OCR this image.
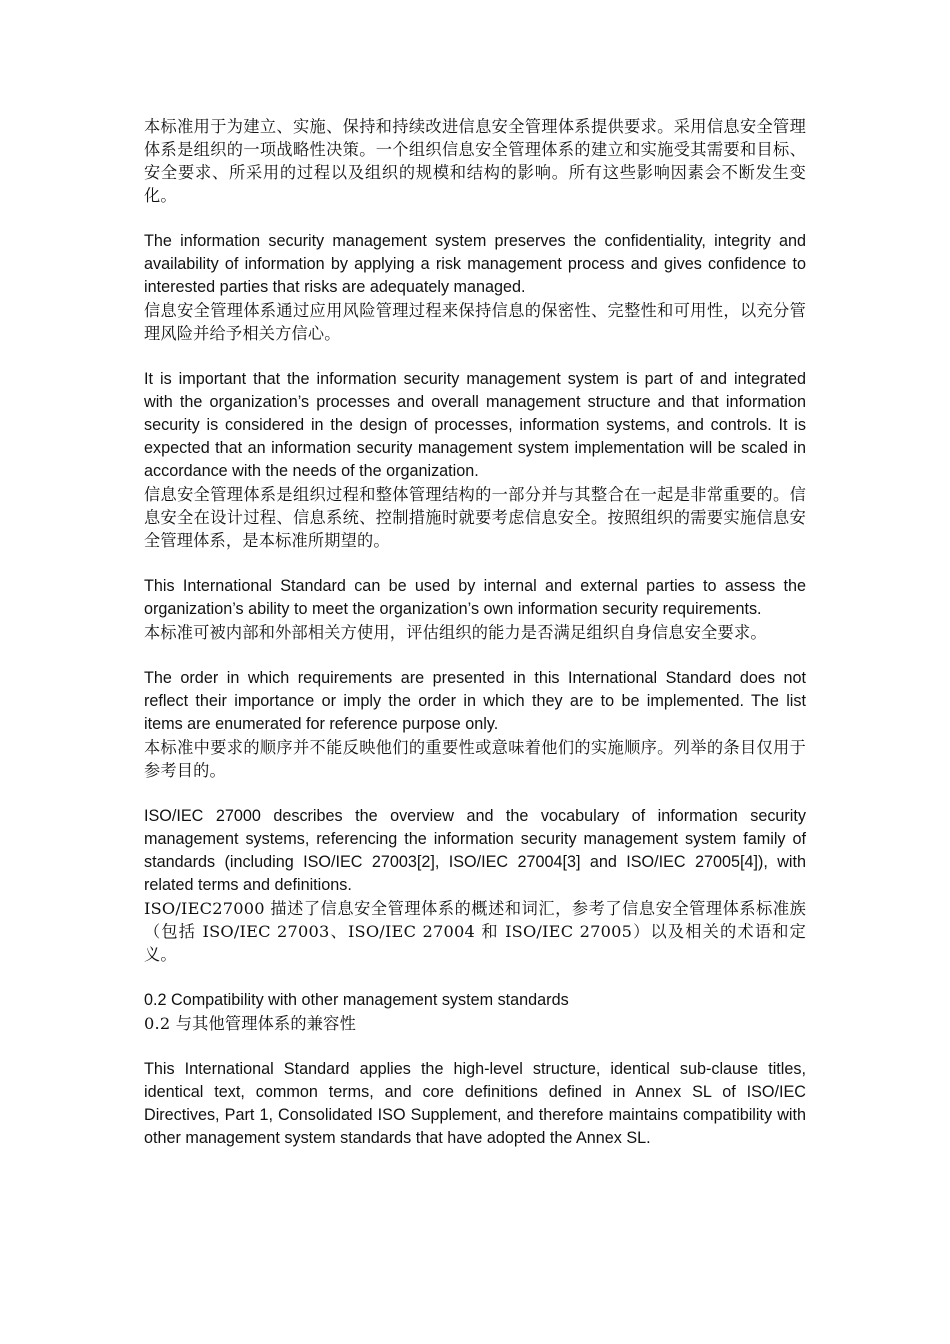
本标准用于为建立、实施、保持和持续改进信息安全管理体系提供要求。采用信息安全管理体系是组织的一项战略性决策。一个组织信息安全管理体系的建立和实施受其需要和目标、安全要求、所采用的过程以及组织的规模和结构的影响。所有这些影响因素会不断发生变化。

The information security management system preserves the confidentiality, integrity and availability of information by applying a risk management process and gives confidence to interested parties that risks are adequately managed.

信息安全管理体系通过应用风险管理过程来保持信息的保密性、完整性和可用性，以充分管理风险并给予相关方信心。

It is important that the information security management system is part of and integrated with the organization’s processes and overall management structure and that information security is considered in the design of processes, information systems, and controls. It is expected that an information security management system implementation will be scaled in accordance with the needs of the organization.

信息安全管理体系是组织过程和整体管理结构的一部分并与其整合在一起是非常重要的。信息安全在设计过程、信息系统、控制措施时就要考虑信息安全。按照组织的需要实施信息安全管理体系，是本标准所期望的。

This International Standard can be used by internal and external parties to assess the organization’s ability to meet the organization’s own information security requirements.

本标准可被内部和外部相关方使用，评估组织的能力是否满足组织自身信息安全要求。

The order in which requirements are presented in this International Standard does not reflect their importance or imply the order in which they are to be implemented. The list items are enumerated for reference purpose only.

本标准中要求的顺序并不能反映他们的重要性或意味着他们的实施顺序。列举的条目仅用于参考目的。

ISO/IEC 27000 describes the overview and the vocabulary of information security management systems, referencing the information security management system family of standards (including ISO/IEC 27003[2], ISO/IEC 27004[3] and ISO/IEC 27005[4]), with related terms and definitions.

ISO/IEC27000 描述了信息安全管理体系的概述和词汇，参考了信息安全管理体系标准族（包括 ISO/IEC 27003、ISO/IEC 27004 和 ISO/IEC 27005）以及相关的术语和定义。

0.2 Compatibility with other management system standards

0.2 与其他管理体系的兼容性

This International Standard applies the high-level structure, identical sub-clause titles, identical text, common terms, and core definitions defined in Annex SL of ISO/IEC Directives, Part 1, Consolidated ISO Supplement, and therefore maintains compatibility with other management system standards that have adopted the Annex SL.
